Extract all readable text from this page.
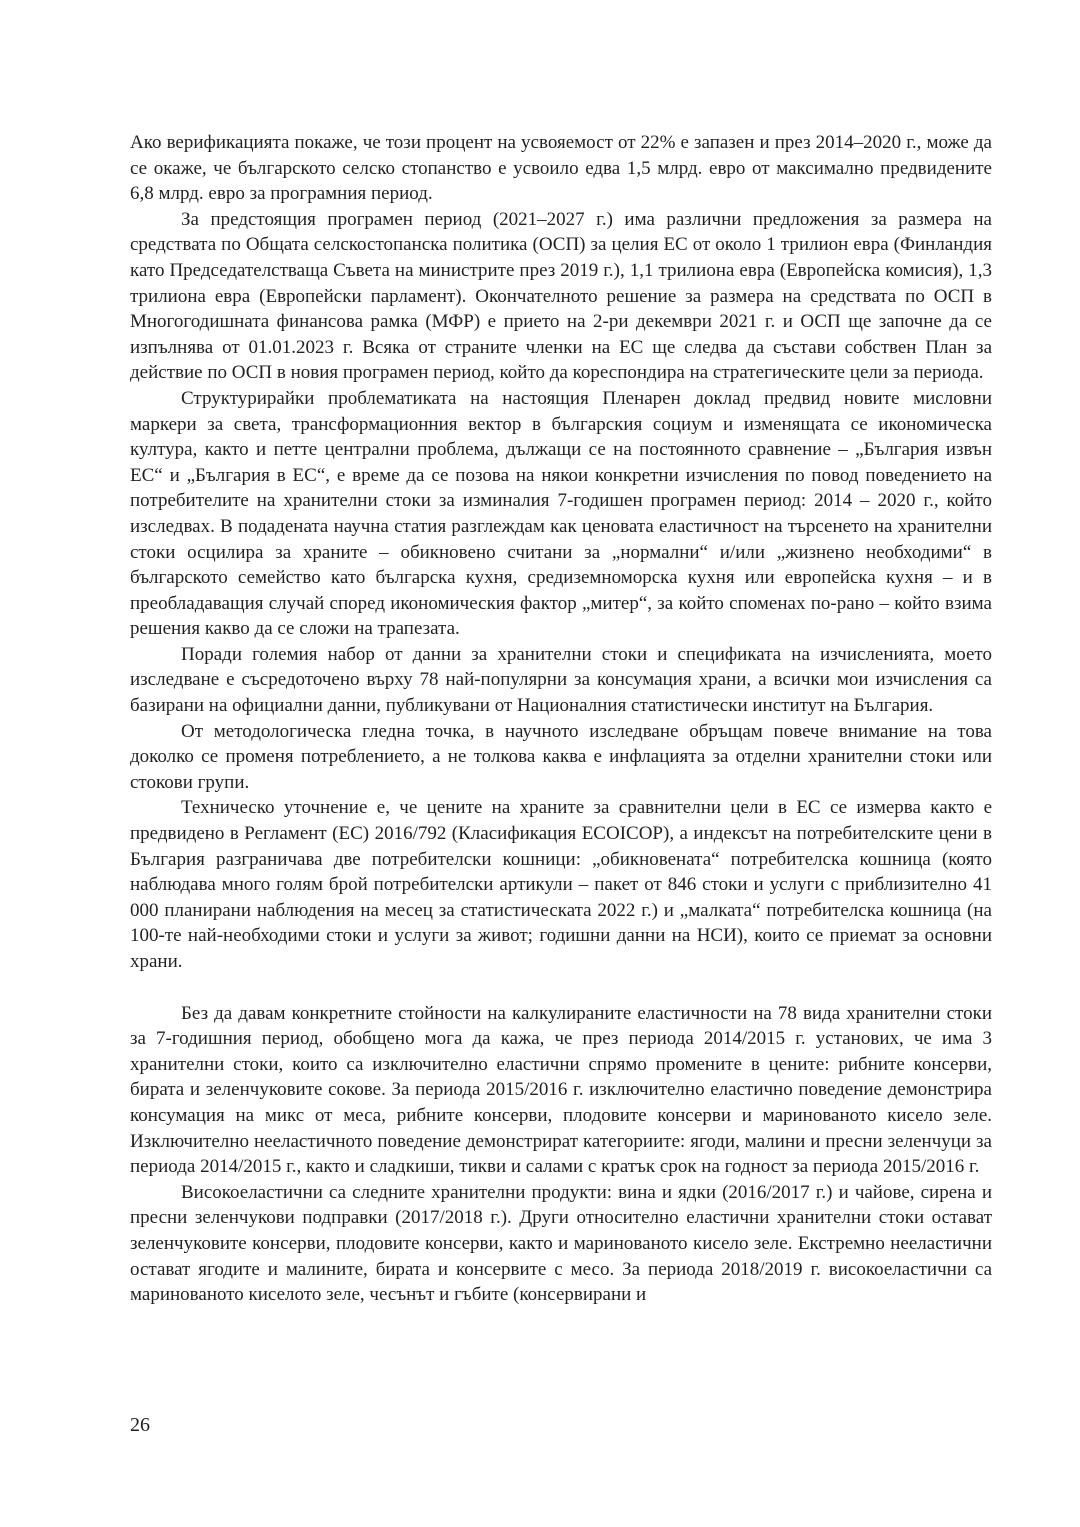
Ако верификацията покаже, че този процент на усвояемост от 22% е запазен и през 2014–2020 г., може да се окаже, че българското селско стопанство е усвоило едва 1,5 млрд. евро от максимално предвидените 6,8 млрд. евро за програмния период.

За предстоящия програмен период (2021–2027 г.) има различни предложения за размера на средствата по Общата селскостопанска политика (ОСП) за целия ЕС от около 1 трилион евра (Финландия като Председателстваща Съвета на министрите през 2019 г.), 1,1 трилиона евра (Европейска комисия), 1,3 трилиона евра (Европейски парламент). Окончателното решение за размера на средствата по ОСП в Многогодишната финансова рамка (МФР) е прието на 2-ри декември 2021 г. и ОСП ще започне да се изпълнява от 01.01.2023 г. Всяка от страните членки на ЕС ще следва да състави собствен План за действие по ОСП в новия програмен период, който да кореспондира на стратегическите цели за периода.

Структурирайки проблематиката на настоящия Пленарен доклад предвид новите мисловни маркери за света, трансформационния вектор в българския социум и изменящата се икономическа култура, както и петте централни проблема, дължащи се на постоянното сравнение – „България извън ЕС“ и „България в ЕС“, е време да се позова на някои конкретни изчисления по повод поведението на потребителите на хранителни стоки за изминалия 7-годишен програмен период: 2014 – 2020 г., който изследвах. В подадената научна статия разглеждам как ценовата еластичност на търсенето на хранителни стоки осцилира за храните – обикновено считани за „нормални“ и/или „жизнено необходими“ в българското семейство като българска кухня, средиземноморска кухня или европейска кухня – и в преобладаващия случай според икономическия фактор „митер“, за който споменах по-рано – който взима решения какво да се сложи на трапезата.

Поради големия набор от данни за хранителни стоки и спецификата на изчисленията, моето изследване е съсредоточено върху 78 най-популярни за консумация храни, а всички мои изчисления са базирани на официални данни, публикувани от Националния статистически институт на България.

От методологическа гледна точка, в научното изследване обръщам повече внимание на това доколко се променя потреблението, а не толкова каква е инфлацията за отделни хранителни стоки или стокови групи.

Техническо уточнение е, че цените на храните за сравнителни цели в ЕС се измерва както е предвидено в Регламент (ЕС) 2016/792 (Класификация ECOICOP), а индексът на потребителските цени в България разграничава две потребителски кошници: „обикновената“ потребителска кошница (която наблюдава много голям брой потребителски артикули – пакет от 846 стоки и услуги с приблизително 41 000 планирани наблюдения на месец за статистическата 2022 г.) и „малката“ потребителска кошница (на 100-те най-необходими стоки и услуги за живот; годишни данни на НСИ), които се приемат за основни храни.

Без да давам конкретните стойности на калкулираните еластичности на 78 вида хранителни стоки за 7-годишния период, обобщено мога да кажа, че през периода 2014/2015 г. установих, че има 3 хранителни стоки, които са изключително еластични спрямо промените в цените: рибните консерви, бирата и зеленчуковите сокове. За периода 2015/2016 г. изключително еластично поведение демонстрира консумация на микс от меса, рибните консерви, плодовите консерви и маринованото кисело зеле. Изключително нееластичното поведение демонстрират категориите: ягоди, малини и пресни зеленчуци за периода 2014/2015 г., както и сладкиши, тикви и салами с кратък срок на годност за периода 2015/2016 г.

Високоеластични са следните хранителни продукти: вина и ядки (2016/2017 г.) и чайове, сирена и пресни зеленчукови подправки (2017/2018 г.). Други относително еластични хранителни стоки остават зеленчуковите консерви, плодовите консерви, както и маринованото кисело зеле. Екстремно нееластични остават ягодите и малините, бирата и консервите с месо. За периода 2018/2019 г. високоеластични са маринованото киселото зеле, чесънът и гъбите (консервирани и

26
